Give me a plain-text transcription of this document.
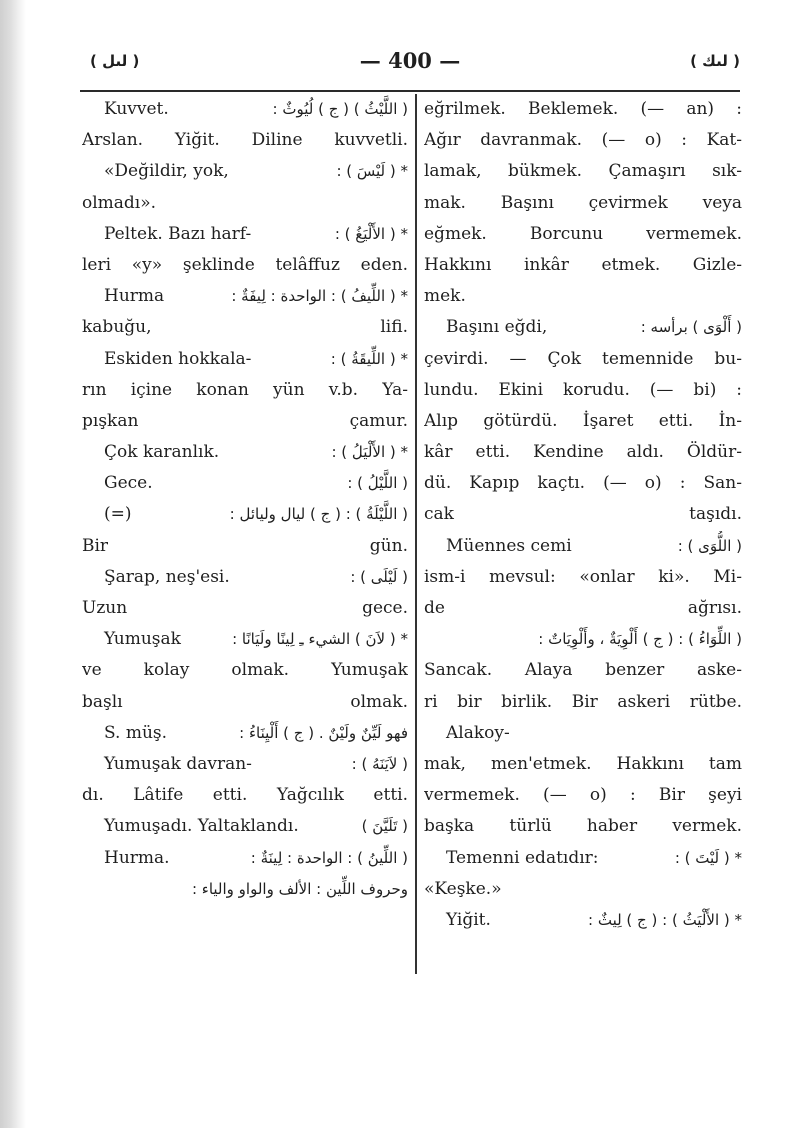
( لىل )	— 400 —	( لىك )
Kuvvet.	( اللَّيْثُ ) ( ج ) لُيُوثٌ :
Arslan. Yiğit. Diline kuvvetli.
«Değildir, yok,	* ( لَيْسَ ) :
olmadı».
Peltek. Bazı harf-	* ( الأَلْيَغُ ) :
leri «y» şeklinde telâffuz eden.
Hurma	* ( اللِّيفُ ) : الواحدة : لِيفَةٌ :
kabuğu, lifi.
Eskiden hokkala-	* ( اللِّيقَةُ ) :
rın içine konan yün v.b. Ya-
pışkan çamur.
Çok karanlık.	* ( الأَلْيَلُ ) :
Gece.	( اللَّيْلُ ) :
(=)	( اللَّيْلَةُ ) : ( ج ) ليال وليائل :
Bir gün.
Şarap, neş'esi.	( لَيْلَى ) :
Uzun gece.
Yumuşak	* ( لاَنَ ) الشيء ـِ لِينًا ولَيَانًا :
ve kolay olmak. Yumuşak
başlı olmak.
S. müş.	فهو لَيِّنٌ ولَيْنٌ . ( ج ) أَلْيِنَاءُ :
Yumuşak davran-	( لاَيَنَهُ ) :
dı. Lâtife etti. Yağcılık etti.
Yumuşadı. Yaltaklandı.	( تَلَيَّنَ )
Hurma.	( اللِّينُ ) : الواحدة : لِينَةٌ :
وحروف اللِّين : الألف والواو والياء :
eğrilmek. Beklemek. (— an) :
Ağır davranmak. (— o) : Kat-
lamak, bükmek. Çamaşırı sık-
mak. Başını çevirmek veya
eğmek. Borcunu vermemek.
Hakkını inkâr etmek. Gizle-
mek.
Başını eğdi,	( أَلْوَى ) برأسه :
çevirdi. — Çok temennide bu-
lundu. Ekini korudu. (— bi) :
Alıp götürdü. İşaret etti. İn-
kâr etti. Kendine aldı. Öldür-
dü. Kapıp kaçtı. (— o) : San-
cak taşıdı.
Müennes cemi	( اللُّوَى ) :
ism-i mevsul: «onlar ki». Mi-
de ağrısı.
( اللِّوَاءُ ) : ( ج ) أَلْوِيَةٌ ، وأَلْوِيَاتٌ :
Sancak. Alaya benzer aske-
ri bir birlik. Bir askeri rütbe.
Alakoy-
mak, men'etmek. Hakkını tam
vermemek. (— o) : Bir şeyi
başka türlü haber vermek.
Temenni edatıdır:	* ( لَيْتَ ) :
«Keşke.»
Yiğit.	* ( الأَلْيَثُ ) : ( ج ) لِيثٌ :
